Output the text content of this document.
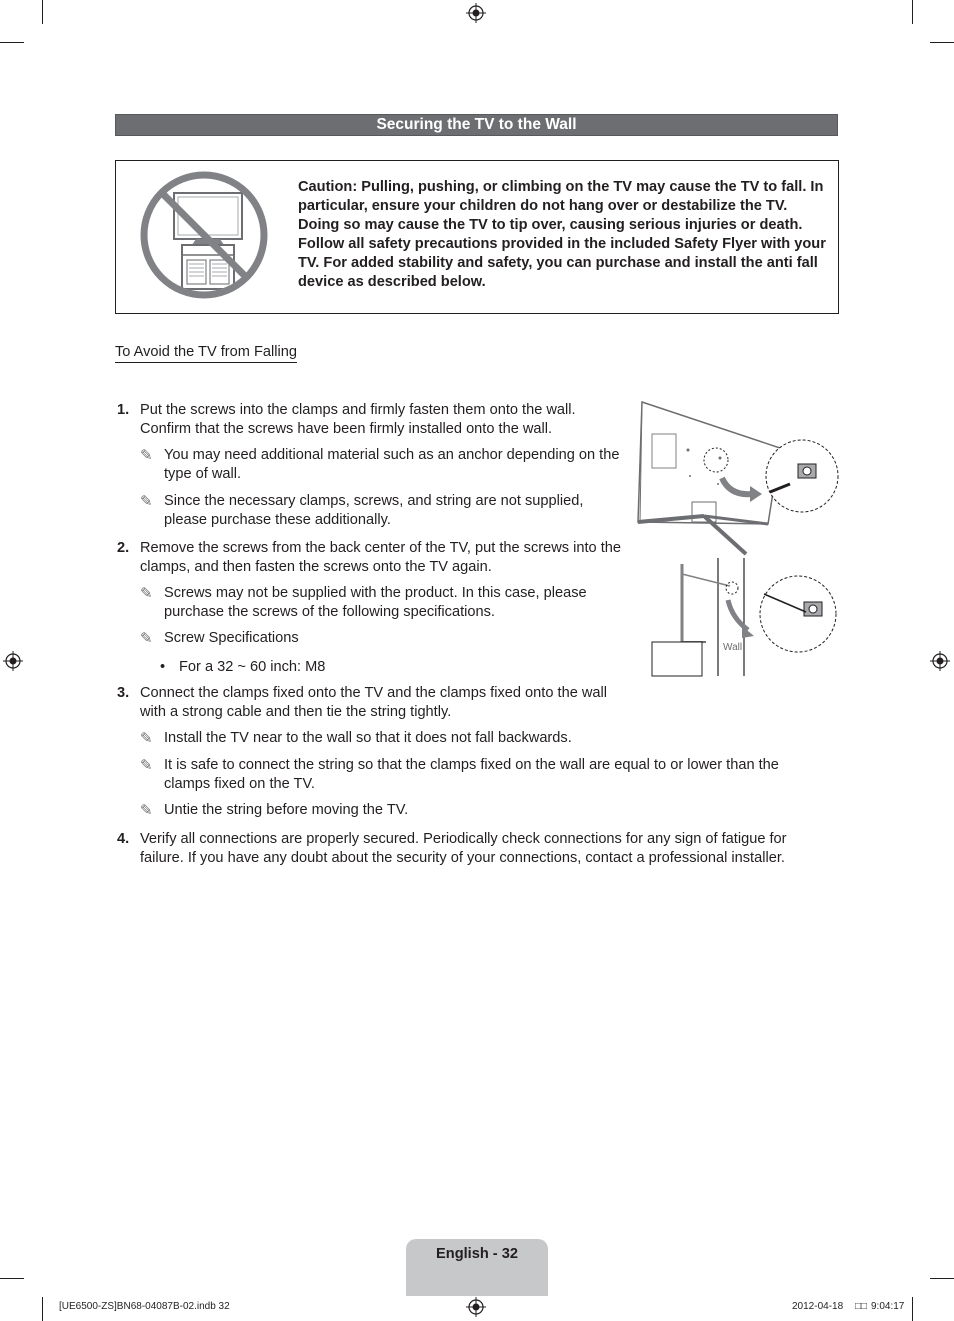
Securing the TV to the Wall
Caution: Pulling, pushing, or climbing on the TV may cause the TV to fall. In particular, ensure your children do not hang over or destabilize the TV. Doing so may cause the TV to tip over, causing serious injuries or death. Follow all safety precautions provided in the included Safety Flyer with your TV. For added stability and safety, you can purchase and install the anti fall device as described below.
To Avoid the TV from Falling
1. Put the screws into the clamps and firmly fasten them onto the wall. Confirm that the screws have been firmly installed onto the wall.
✎ You may need additional material such as an anchor depending on the type of wall.
✎ Since the necessary clamps, screws, and string are not supplied, please purchase these additionally.
2. Remove the screws from the back center of the TV, put the screws into the clamps, and then fasten the screws onto the TV again.
✎ Screws may not be supplied with the product. In this case, please purchase the screws of the following specifications.
✎ Screw Specifications
• For a 32 ~ 60 inch: M8
3. Connect the clamps fixed onto the TV and the clamps fixed onto the wall with a strong cable and then tie the string tightly.
✎ Install the TV near to the wall so that it does not fall backwards.
✎ It is safe to connect the string so that the clamps fixed on the wall are equal to or lower than the clamps fixed on the TV.
✎ Untie the string before moving the TV.
4. Verify all connections are properly secured. Periodically check connections for any sign of fatigue for failure. If you have any doubt about the security of your connections, contact a professional installer.
Wall
English - 32
[UE6500-ZS]BN68-04087B-02.indb 32	2012-04-18 □□ 9:04:17
